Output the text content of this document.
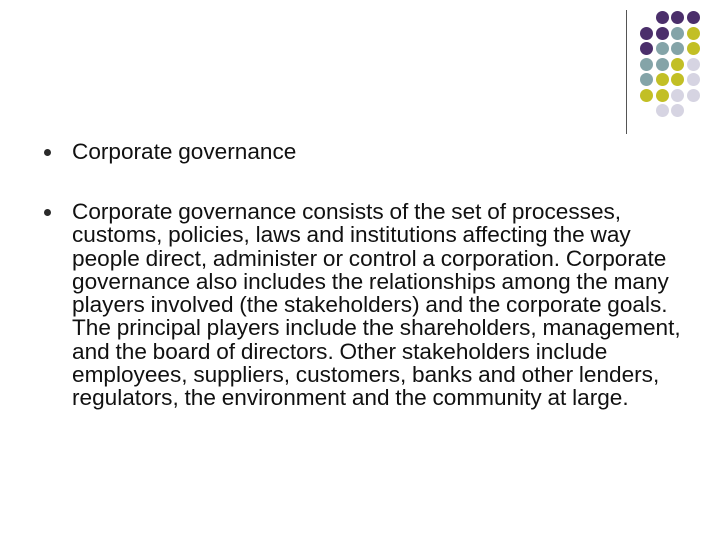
Corporate governance
Corporate governance consists of the set of processes, customs, policies, laws and institutions affecting the way people direct, administer or control a corporation. Corporate governance also includes the relationships among the many players involved (the stakeholders) and the corporate goals. The principal players include the shareholders, management, and the board of directors. Other stakeholders include employees, suppliers, customers, banks and other lenders, regulators, the environment and the community at large.
